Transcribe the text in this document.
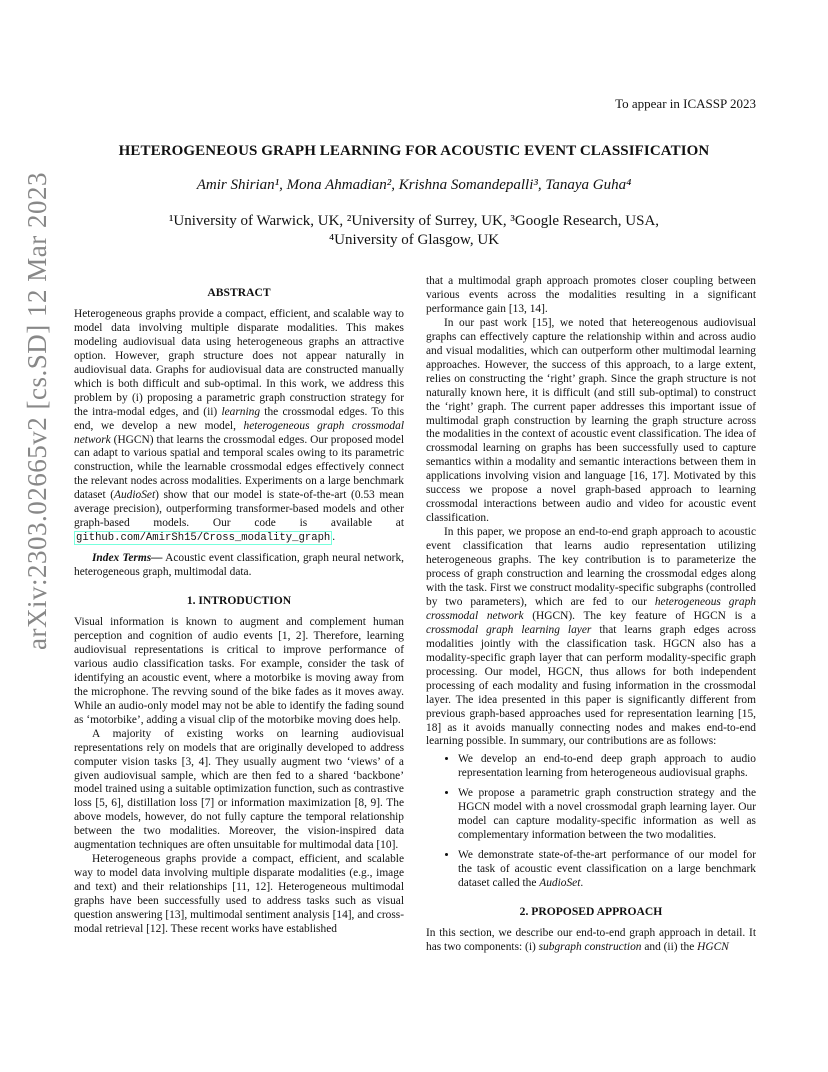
To appear in ICASSP 2023
HETEROGENEOUS GRAPH LEARNING FOR ACOUSTIC EVENT CLASSIFICATION
Amir Shirian¹, Mona Ahmadian², Krishna Somandepalli³, Tanaya Guha⁴
¹University of Warwick, UK, ²University of Surrey, UK, ³Google Research, USA,
⁴University of Glasgow, UK
arXiv:2303.02665v2 [cs.SD] 12 Mar 2023	ABSTRACT

Heterogeneous graphs provide a compact, efficient, and scalable way to model data involving multiple disparate modalities. This makes modeling audiovisual data using heterogeneous graphs an attractive option. However, graph structure does not appear naturally in audiovisual data. Graphs for audiovisual data are constructed manually which is both difficult and sub-optimal. In this work, we address this problem by (i) proposing a parametric graph construction strategy for the intra-modal edges, and (ii) learning the crossmodal edges. To this end, we develop a new model, heterogeneous graph crossmodal network (HGCN) that learns the crossmodal edges. Our proposed model can adapt to various spatial and temporal scales owing to its parametric construction, while the learnable crossmodal edges effectively connect the relevant nodes across modalities. Experiments on a large benchmark dataset (AudioSet) show that our model is state-of-the-art (0.53 mean average precision), outperforming transformer-based models and other graph-based models. Our code is available at github.com/AmirSh15/Cross_modality_graph .

Index Terms— Acoustic event classification, graph neural network, heterogeneous graph, multimodal data.

1. INTRODUCTION

Visual information is known to augment and complement human perception and cognition of audio events [1, 2]. Therefore, learning audiovisual representations is critical to improve performance of various audio classification tasks. For example, consider the task of identifying an acoustic event, where a motorbike is moving away from the microphone. The revving sound of the bike fades as it moves away. While an audio-only model may not be able to identify the fading sound as ‘motorbike’, adding a visual clip of the motorbike moving does help.

A majority of existing works on learning audiovisual representations rely on models that are originally developed to address computer vision tasks [3, 4]. They usually augment two ‘views’ of a given audiovisual sample, which are then fed to a shared ‘backbone’ model trained using a suitable optimization function, such as contrastive loss [5, 6], distillation loss [7] or information maximization [8, 9]. The above models, however, do not fully capture the temporal relationship between the two modalities. Moreover, the vision-inspired data augmentation techniques are often unsuitable for multimodal data [10].

Heterogeneous graphs provide a compact, efficient, and scalable way to model data involving multiple disparate modalities (e.g., image and text) and their relationships [11, 12]. Heterogeneous multimodal graphs have been successfully used to address tasks such as visual question answering [13], multimodal sentiment analysis [14], and cross-modal retrieval [12]. These recent works have established

that a multimodal graph approach promotes closer coupling between various events across the modalities resulting in a significant performance gain [13, 14].

In our past work [15], we noted that hetereogenous audiovisual graphs can effectively capture the relationship within and across audio and visual modalities, which can outperform other multimodal learning approaches. However, the success of this approach, to a large extent, relies on constructing the ‘right’ graph. Since the graph structure is not naturally known here, it is difficult (and still sub-optimal) to construct the ‘right’ graph. The current paper addresses this important issue of multimodal graph construction by learning the graph structure across the modalities in the context of acoustic event classification. The idea of crossmodal learning on graphs has been successfully used to capture semantics within a modality and semantic interactions between them in applications involving vision and language [16, 17]. Motivated by this success we propose a novel graph-based approach to learning crossmodal interactions between audio and video for acoustic event classification.

In this paper, we propose an end-to-end graph approach to acoustic event classification that learns audio representation utilizing heterogeneous graphs. The key contribution is to parameterize the process of graph construction and learning the crossmodal edges along with the task. First we construct modality-specific subgraphs (controlled by two parameters), which are fed to our heterogeneous graph crossmodal network (HGCN). The key feature of HGCN is a crossmodal graph learning layer that learns graph edges across modalities jointly with the classification task. HGCN also has a modality-specific graph layer that can perform modality-specific graph processing. Our model, HGCN, thus allows for both independent processing of each modality and fusing information in the crossmodal layer. The idea presented in this paper is significantly different from previous graph-based approaches used for representation learning [15, 18] as it avoids manually connecting nodes and makes end-to-end learning possible. In summary, our contributions are as follows:

• We develop an end-to-end deep graph approach to audio representation learning from heterogeneous audiovisual graphs.
• We propose a parametric graph construction strategy and the HGCN model with a novel crossmodal graph learning layer. Our model can capture modality-specific information as well as complementary information between the two modalities.
• We demonstrate state-of-the-art performance of our model for the task of acoustic event classification on a large benchmark dataset called the AudioSet.

2. PROPOSED APPROACH

In this section, we describe our end-to-end graph approach in detail. It has two components: (i) subgraph construction and (ii) the HGCN
